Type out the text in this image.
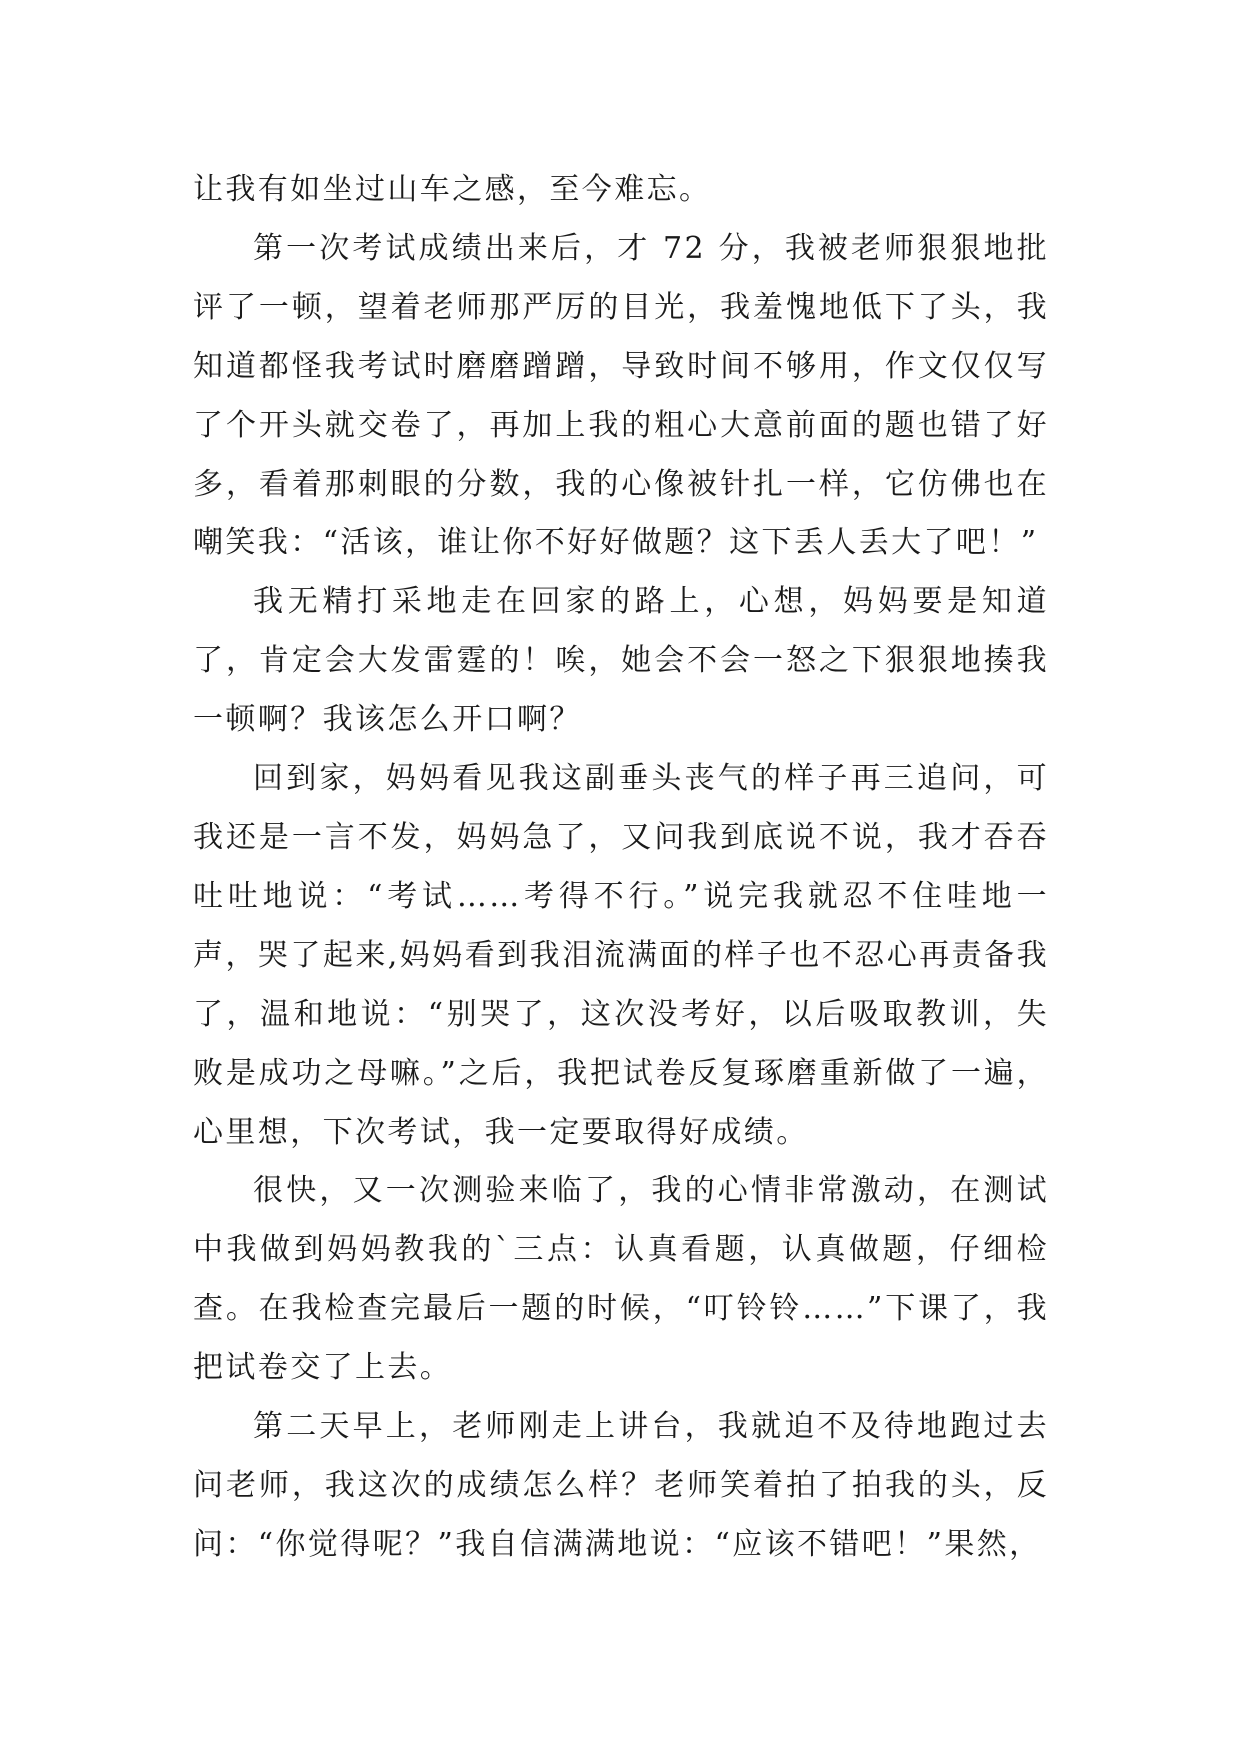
让我有如坐过山车之感，至今难忘。

第一次考试成绩出来后，才 72 分，我被老师狠狠地批评了一顿，望着老师那严厉的目光，我羞愧地低下了头，我知道都怪我考试时磨磨蹭蹭，导致时间不够用，作文仅仅写了个开头就交卷了，再加上我的粗心大意前面的题也错了好多，看着那刺眼的分数，我的心像被针扎一样，它仿佛也在嘲笑我：“活该，谁让你不好好做题？这下丢人丢大了吧！”

我无精打采地走在回家的路上，心想，妈妈要是知道了，肯定会大发雷霆的！唉，她会不会一怒之下狠狠地揍我一顿啊？我该怎么开口啊？

回到家，妈妈看见我这副垂头丧气的样子再三追问，可我还是一言不发，妈妈急了，又问我到底说不说，我才吞吞吐吐地说：“考试……考得不行。”说完我就忍不住哇地一声，哭了起来,妈妈看到我泪流满面的样子也不忍心再责备我了，温和地说：“别哭了，这次没考好，以后吸取教训，失败是成功之母嘛。”之后，我把试卷反复琢磨重新做了一遍，心里想，下次考试，我一定要取得好成绩。

很快，又一次测验来临了，我的心情非常激动，在测试中我做到妈妈教我的`三点：认真看题，认真做题，仔细检查。在我检查完最后一题的时候，“叮铃铃……”下课了，我把试卷交了上去。

第二天早上，老师刚走上讲台，我就迫不及待地跑过去问老师，我这次的成绩怎么样？老师笑着拍了拍我的头，反问：“你觉得呢？”我自信满满地说：“应该不错吧！”果然，
